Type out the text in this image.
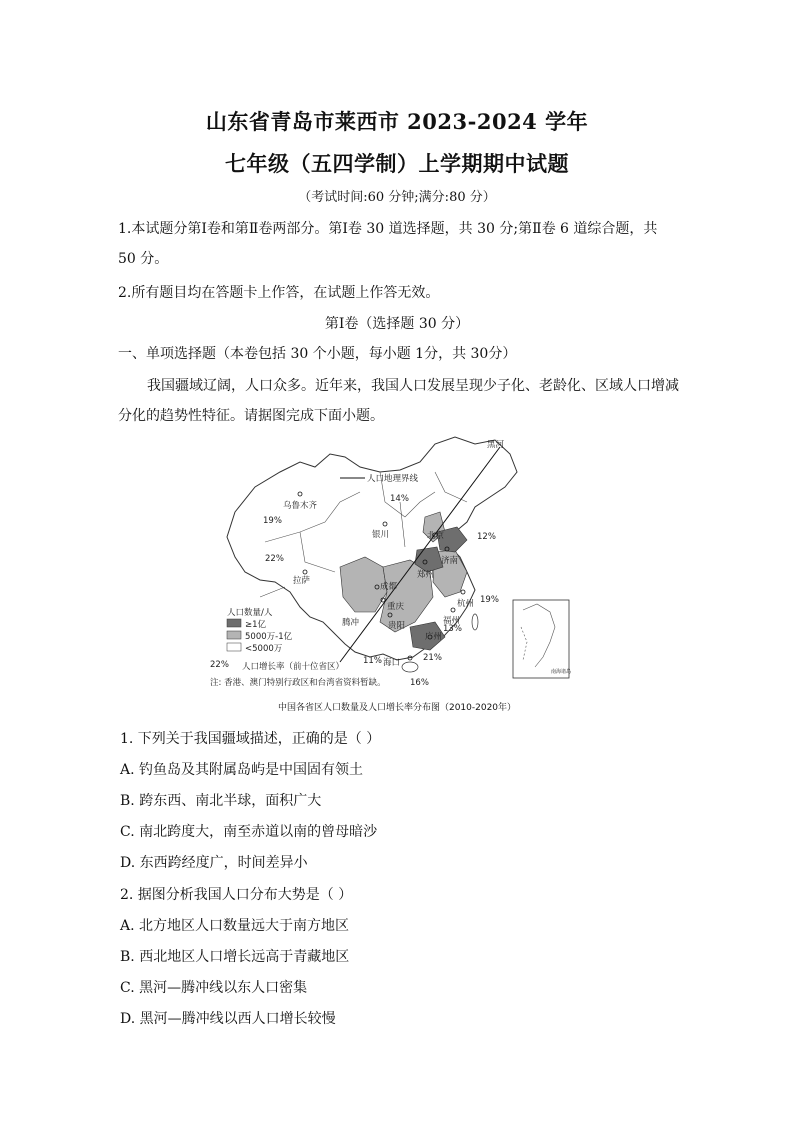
山东省青岛市莱西市 2023-2024 学年
七年级（五四学制）上学期期中试题
（考试时间:60 分钟;满分:80 分）
1.本试题分第Ⅰ卷和第Ⅱ卷两部分。第Ⅰ卷 30 道选择题，共 30 分;第Ⅱ卷 6 道综合题，共
50 分。
2.所有题目均在答题卡上作答，在试题上作答无效。
第Ⅰ卷（选择题 30 分）
一、单项选择题（本卷包括 30 个小题，每小题 1分，共 30分）
我国疆域辽阔，人口众多。近年来，我国人口发展呈现少子化、老龄化、区域人口增减
分化的趋势性特征。请据图完成下面小题。
黑河
人口地理界线
乌鲁木齐
14%
19%
北京
银川	12%
济南
22%
拉萨
成都
郑州
19%
重庆	杭州
腾冲	贵阳	福州
13%
广州
21%
11% 海口
16%
人口数量/人
≥1亿
5000万-1亿
<5000万
22% 人口增长率（前十位省区）
注: 香港、澳门特别行政区和台湾省资料暂缺。
南海诸岛
中国各省区人口数量及人口增长率分布图（2010-2020年）
1. 下列关于我国疆域描述，正确的是（ ）
A. 钓鱼岛及其附属岛屿是中国固有领土
B. 跨东西、南北半球，面积广大
C. 南北跨度大，南至赤道以南的曾母暗沙
D. 东西跨经度广，时间差异小
2. 据图分析我国人口分布大势是（ ）
A. 北方地区人口数量远大于南方地区
B. 西北地区人口增长远高于青藏地区
C. 黑河—腾冲线以东人口密集
D. 黑河—腾冲线以西人口增长较慢
